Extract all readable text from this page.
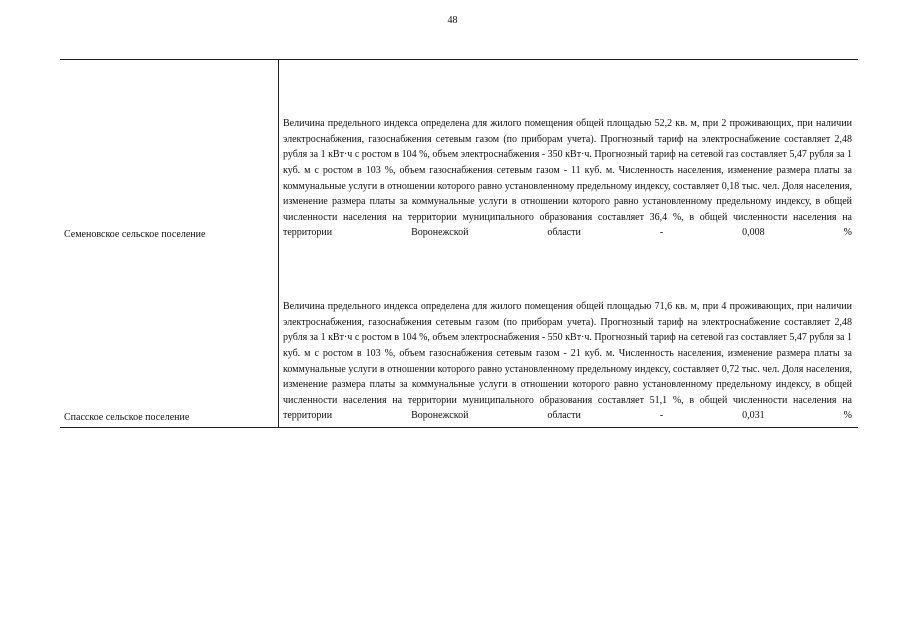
48
Семеновское сельское поселение	Величина предельного индекса определена для жилого помещения общей площадью 52,2 кв. м, при 2 проживающих, при наличии электроснабжения, газоснабжения сетевым газом (по приборам учета). Прогнозный тариф на электроснабжение составляет 2,48 рубля за 1 кВт·ч с ростом в 104 %, объем электроснабжения - 350 кВт·ч. Прогнозный тариф на сетевой газ составляет 5,47 рубля за 1 куб. м с ростом в 103 %, объем газоснабжения сетевым газом - 11 куб. м. Численность населения, изменение размера платы за коммунальные услуги в отношении которого равно установленному предельному индексу, составляет 0,18 тыс. чел. Доля населения, изменение размера платы за коммунальные услуги в отношении которого равно установленному предельному индексу, в общей численности населения на территории муниципального образования составляет 36,4 %, в общей численности населения на территории Воронежской области - 0,008 %

Спасское сельское поселение	Величина предельного индекса определена для жилого помещения общей площадью 71,6 кв. м, при 4 проживающих, при наличии электроснабжения, газоснабжения сетевым газом (по приборам учета). Прогнозный тариф на электроснабжение составляет 2,48 рубля за 1 кВт·ч с ростом в 104 %, объем электроснабжения - 550 кВт·ч. Прогнозный тариф на сетевой газ составляет 5,47 рубля за 1 куб. м с ростом в 103 %, объем газоснабжения сетевым газом - 21 куб. м. Численность населения, изменение размера платы за коммунальные услуги в отношении которого равно установленному предельному индексу, составляет 0,72 тыс. чел. Доля населения, изменение размера платы за коммунальные услуги в отношении которого равно установленному предельному индексу, в общей численности населения на территории муниципального образования составляет 51,1 %, в общей численности населения на территории Воронежской области - 0,031 %
